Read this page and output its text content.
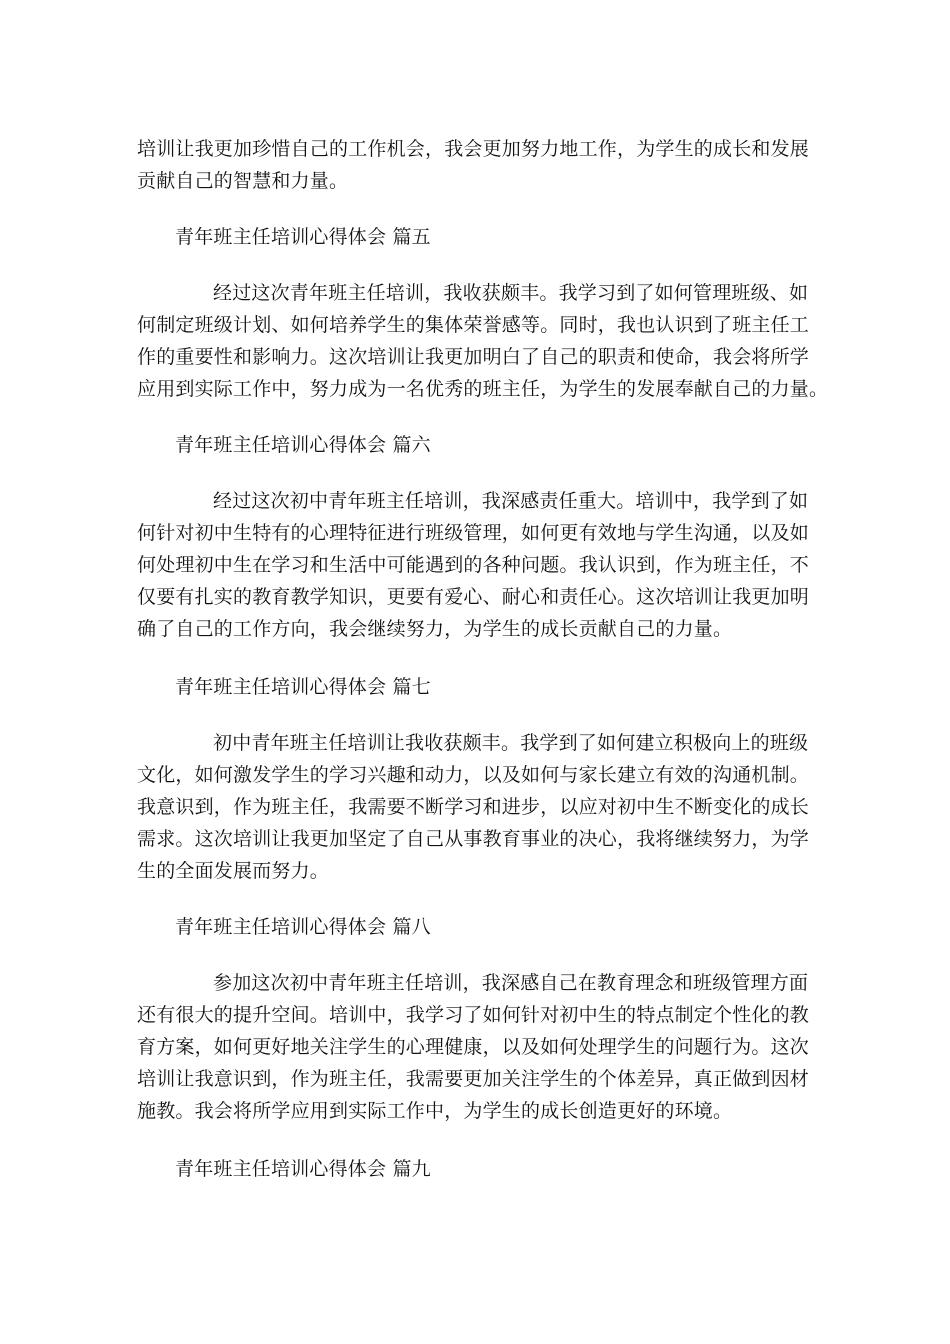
培训让我更加珍惜自己的工作机会，我会更加努力地工作，为学生的成长和发展
贡献自己的智慧和力量。
青年班主任培训心得体会 篇五
经过这次青年班主任培训，我收获颇丰。我学习到了如何管理班级、如
何制定班级计划、如何培养学生的集体荣誉感等。同时，我也认识到了班主任工
作的重要性和影响力。这次培训让我更加明白了自己的职责和使命，我会将所学
应用到实际工作中，努力成为一名优秀的班主任，为学生的发展奉献自己的力量。
青年班主任培训心得体会 篇六
经过这次初中青年班主任培训，我深感责任重大。培训中，我学到了如
何针对初中生特有的心理特征进行班级管理，如何更有效地与学生沟通，以及如
何处理初中生在学习和生活中可能遇到的各种问题。我认识到，作为班主任，不
仅要有扎实的教育教学知识，更要有爱心、耐心和责任心。这次培训让我更加明
确了自己的工作方向，我会继续努力，为学生的成长贡献自己的力量。
青年班主任培训心得体会 篇七
初中青年班主任培训让我收获颇丰。我学到了如何建立积极向上的班级
文化，如何激发学生的学习兴趣和动力，以及如何与家长建立有效的沟通机制。
我意识到，作为班主任，我需要不断学习和进步，以应对初中生不断变化的成长
需求。这次培训让我更加坚定了自己从事教育事业的决心，我将继续努力，为学
生的全面发展而努力。
青年班主任培训心得体会 篇八
参加这次初中青年班主任培训，我深感自己在教育理念和班级管理方面
还有很大的提升空间。培训中，我学习了如何针对初中生的特点制定个性化的教
育方案，如何更好地关注学生的心理健康，以及如何处理学生的问题行为。这次
培训让我意识到，作为班主任，我需要更加关注学生的个体差异，真正做到因材
施教。我会将所学应用到实际工作中，为学生的成长创造更好的环境。
青年班主任培训心得体会 篇九
